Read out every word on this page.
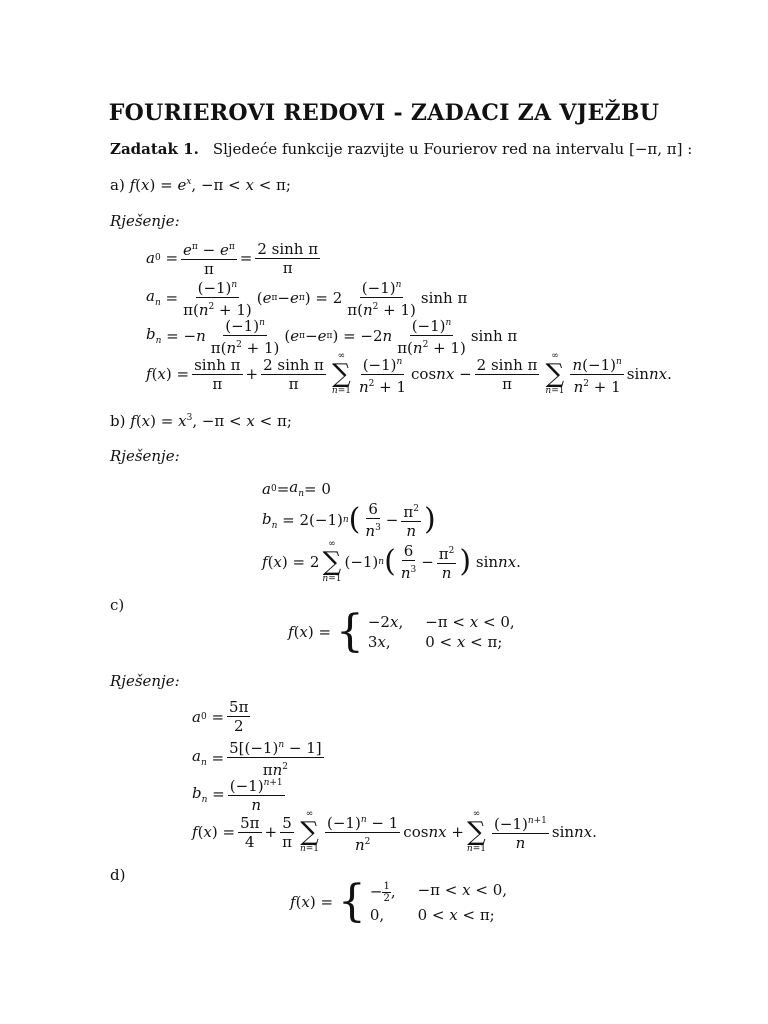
FOURIEROVI REDOVI - ZADACI ZA VJEŽBU
Zadatak 1. Sljedeće funkcije razvijte u Fourierov red na intervalu [−π, π] :
a) $f(x) = e^x$, −π < x < π;
Rješenje:
a $0 = \frac{e^\pi - e^\pi}{\pi} = \frac{\text{2 sinh π}}{\pi}$
$a_n = \frac{(-1)^n}{\pi(n^2 + 1)}$ ( e π − e π ) = $2 \frac{(-1)^n}{\pi(n^2 + 1)}$ sinh π
$b_n$ = − n $\frac{(-1)^n}{\pi(n^2 + 1)}$ ( e π − e π ) = −2 n $\frac{(-1)^n}{\pi(n^2 + 1)}$ sinh π
f ( x ) = $\frac{\text{sinh π}}{\pi} + \frac{\text{2 sinh π}}{\pi}$ ∞
∑
$n=1 \frac{(-1)^n}{n^2 + 1}$ cos nx − $\frac{\text{2 sinh π}}{\pi}$ ∞
∑
$n=1 \frac{n(-1)^n}{n^2 + 1}$ sin nx .
b) $f(x) = x^3$, −π < x < π;
Rješenje:
a $0 = a_n = 0$
$b_n = 2(-1)$ n ( $\frac{6}{n^3} - \frac{\pi^2}{n}$ )
f ( x ) = 2
∞
∑
n=1
(−1) n ( $\frac{6}{n^3} - \frac{\pi^2}{n}$ ) sin nx .
c)
f ( x ) = { −2x, −π < x < 0,
3x,	0 < x < π;
Rješenje:
a $0 = \frac{5\pi}{2}$
$a_n = \frac{5[(-1)^n - 1]}{\pi n^2}$
$b_n = \frac{(-1)^{n+1}}{n}$
f ( x ) = $\frac{5\pi}{4} + \frac{5}{\pi}$ ∞
∑
$n=1 \frac{(-1)^n - 1}{n^2}$ cos nx +
∞
∑
$n=1 \frac{(-1)^{n+1}}{n}$ sin nx .
d)
f ( x ) = { − $\frac{1}{2}$ , −π < x < 0,
0,	0 < x < π;
